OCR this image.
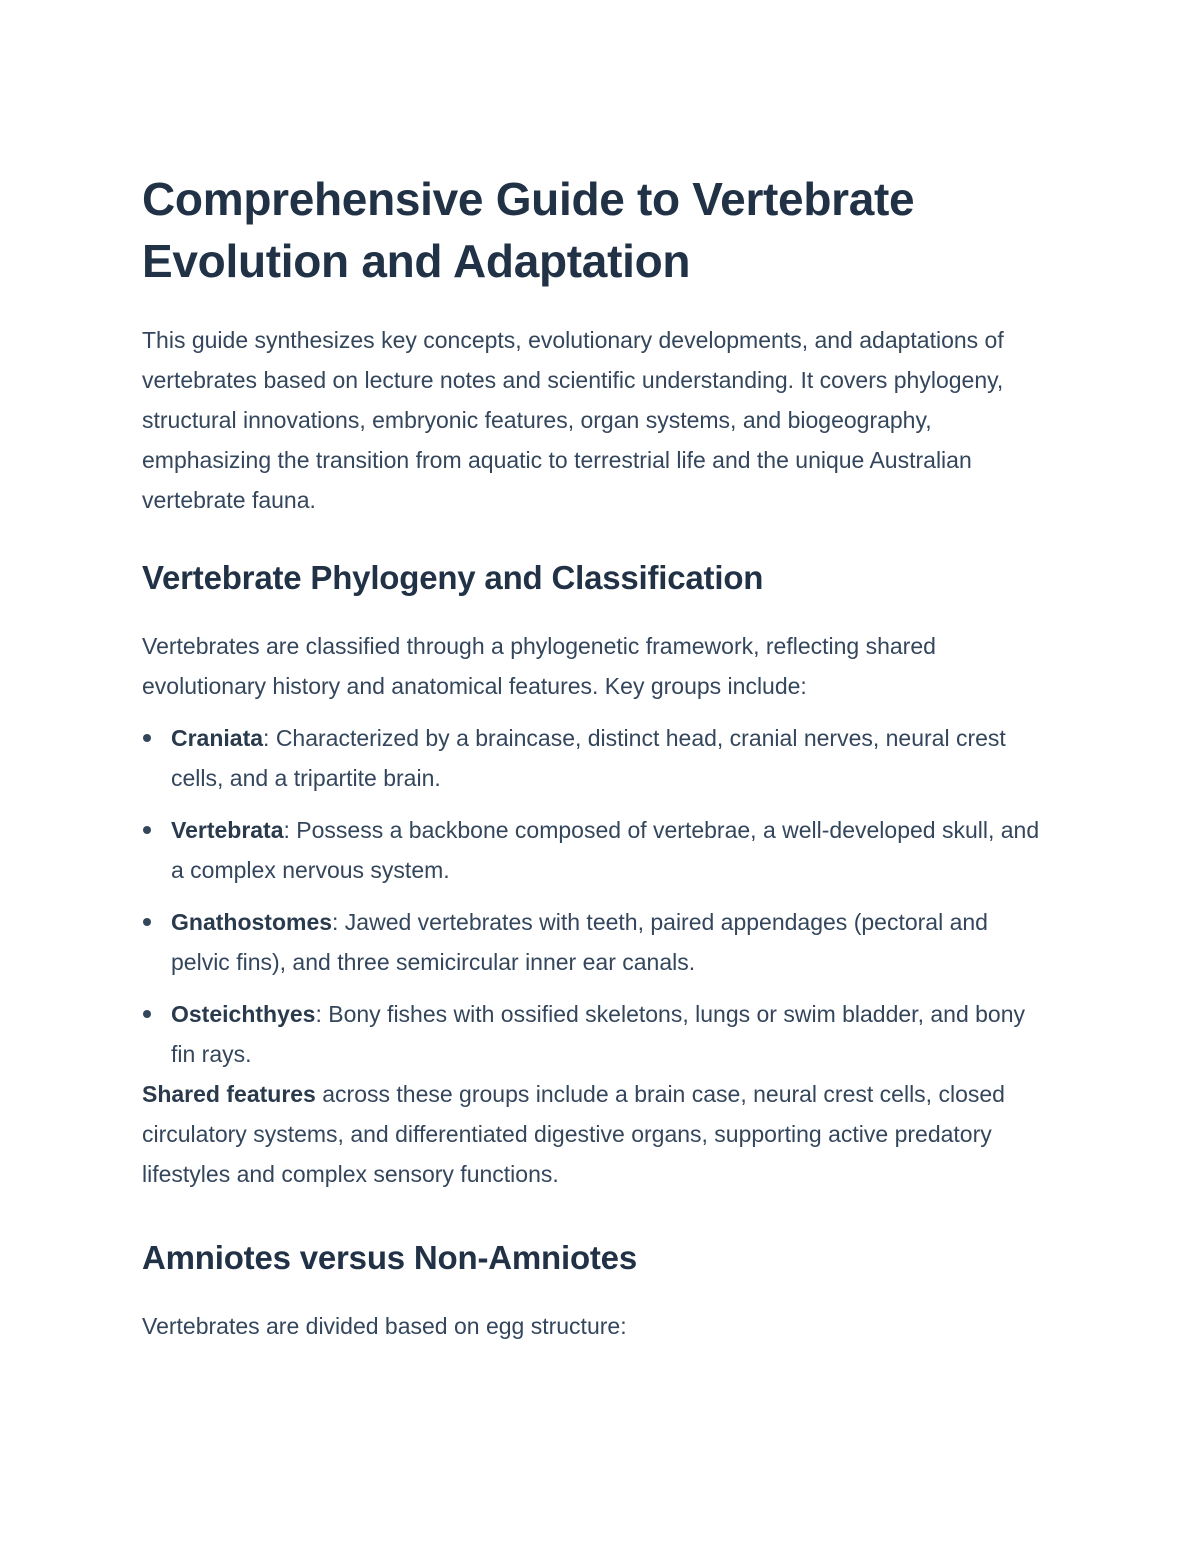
Comprehensive Guide to Vertebrate Evolution and Adaptation

This guide synthesizes key concepts, evolutionary developments, and adaptations of vertebrates based on lecture notes and scientific understanding. It covers phylogeny, structural innovations, embryonic features, organ systems, and biogeography, emphasizing the transition from aquatic to terrestrial life and the unique Australian vertebrate fauna.

Vertebrate Phylogeny and Classification

Vertebrates are classified through a phylogenetic framework, reflecting shared evolutionary history and anatomical features. Key groups include:

Craniata: Characterized by a braincase, distinct head, cranial nerves, neural crest cells, and a tripartite brain.
Vertebrata: Possess a backbone composed of vertebrae, a well-developed skull, and a complex nervous system.
Gnathostomes: Jawed vertebrates with teeth, paired appendages (pectoral and pelvic fins), and three semicircular inner ear canals.
Osteichthyes: Bony fishes with ossified skeletons, lungs or swim bladder, and bony fin rays.

Shared features across these groups include a brain case, neural crest cells, closed circulatory systems, and differentiated digestive organs, supporting active predatory lifestyles and complex sensory functions.

Amniotes versus Non-Amniotes

Vertebrates are divided based on egg structure:
